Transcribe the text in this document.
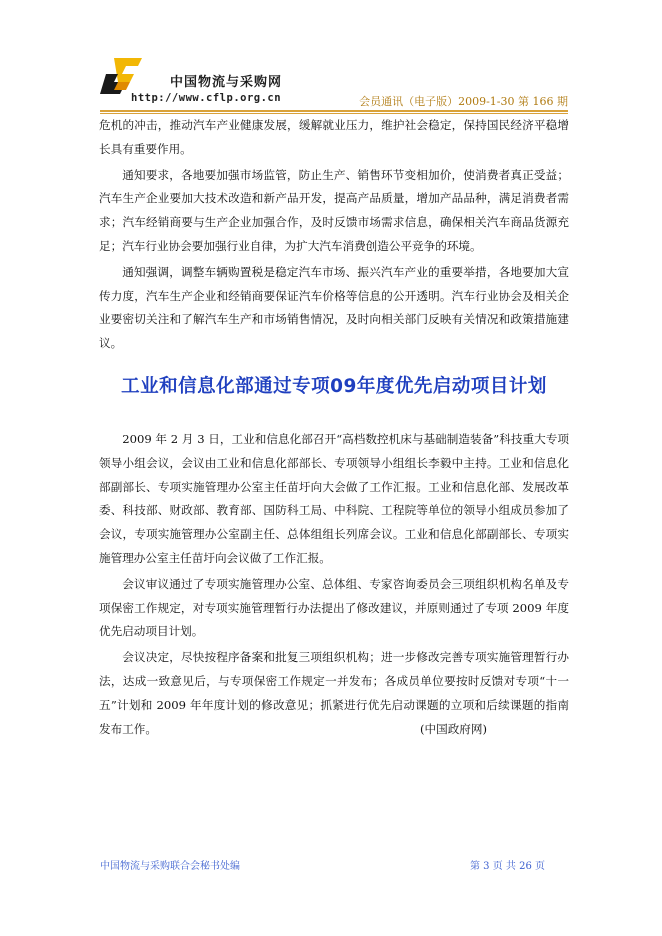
中国物流与采购网
http://www.cflp.org.cn	会员通讯（电子版）2009-1-30 第 166 期

危机的冲击，推动汽车产业健康发展，缓解就业压力，维护社会稳定，保持国民经济平稳增长具有重要作用。

通知要求，各地要加强市场监管，防止生产、销售环节变相加价，使消费者真正受益；汽车生产企业要加大技术改造和新产品开发，提高产品质量，增加产品品种，满足消费者需求；汽车经销商要与生产企业加强合作，及时反馈市场需求信息，确保相关汽车商品货源充足；汽车行业协会要加强行业自律，为扩大汽车消费创造公平竞争的环境。

通知强调，调整车辆购置税是稳定汽车市场、振兴汽车产业的重要举措，各地要加大宣传力度，汽车生产企业和经销商要保证汽车价格等信息的公开透明。汽车行业协会及相关企业要密切关注和了解汽车生产和市场销售情况，及时向相关部门反映有关情况和政策措施建议。

工业和信息化部通过专项09年度优先启动项目计划

2009 年 2 月 3 日，工业和信息化部召开“高档数控机床与基础制造装备”科技重大专项领导小组会议，会议由工业和信息化部部长、专项领导小组组长李毅中主持。工业和信息化部副部长、专项实施管理办公室主任苗圩向大会做了工作汇报。工业和信息化部、发展改革委、科技部、财政部、教育部、国防科工局、中科院、工程院等单位的领导小组成员参加了会议，专项实施管理办公室副主任、总体组组长列席会议。工业和信息化部副部长、专项实施管理办公室主任苗圩向会议做了工作汇报。

会议审议通过了专项实施管理办公室、总体组、专家咨询委员会三项组织机构名单及专项保密工作规定，对专项实施管理暂行办法提出了修改建议，并原则通过了专项 2009 年度优先启动项目计划。

会议决定，尽快按程序备案和批复三项组织机构；进一步修改完善专项实施管理暂行办法，达成一致意见后，与专项保密工作规定一并发布；各成员单位要按时反馈对专项“十一五”计划和 2009 年年度计划的修改意见；抓紧进行优先启动课题的立项和后续课题的指南发布工作。	(中国政府网)

中国物流与采购联合会秘书处编	第 3 页 共 26 页
